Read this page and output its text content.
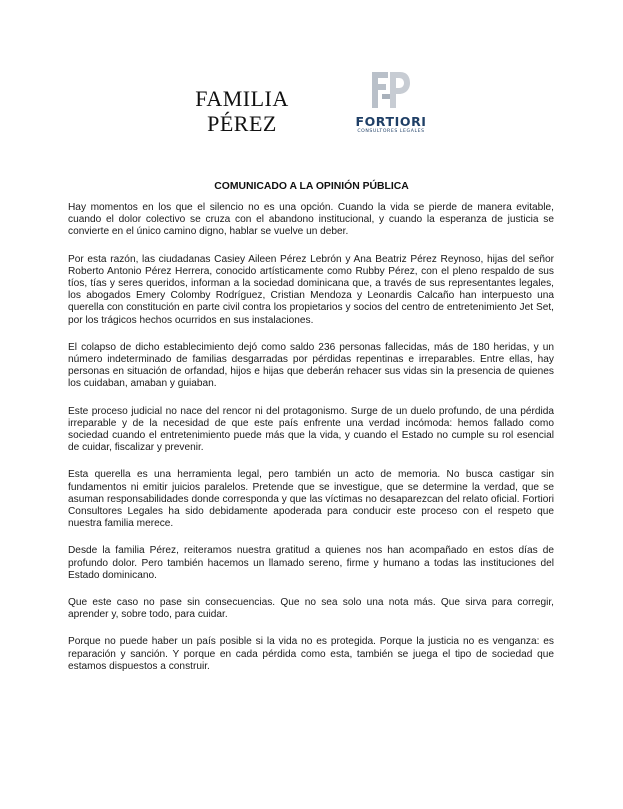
FAMILIA
PÉREZ	FORTIORI
CONSULTORES LEGALES
COMUNICADO A LA OPINIÓN PÚBLICA

Hay momentos en los que el silencio no es una opción. Cuando la vida se pierde de manera evitable, cuando el dolor colectivo se cruza con el abandono institucional, y cuando la esperanza de justicia se convierte en el único camino digno, hablar se vuelve un deber.

Por esta razón, las ciudadanas Casiey Aileen Pérez Lebrón y Ana Beatriz Pérez Reynoso, hijas del señor Roberto Antonio Pérez Herrera, conocido artísticamente como Rubby Pérez, con el pleno respaldo de sus tíos, tías y seres queridos, informan a la sociedad dominicana que, a través de sus representantes legales, los abogados Emery Colomby Rodríguez, Cristian Mendoza y Leonardis Calcaño han interpuesto una querella con constitución en parte civil contra los propietarios y socios del centro de entretenimiento Jet Set, por los trágicos hechos ocurridos en sus instalaciones.

El colapso de dicho establecimiento dejó como saldo 236 personas fallecidas, más de 180 heridas, y un número indeterminado de familias desgarradas por pérdidas repentinas e irreparables. Entre ellas, hay personas en situación de orfandad, hijos e hijas que deberán rehacer sus vidas sin la presencia de quienes los cuidaban, amaban y guiaban.

Este proceso judicial no nace del rencor ni del protagonismo. Surge de un duelo profundo, de una pérdida irreparable y de la necesidad de que este país enfrente una verdad incómoda: hemos fallado como sociedad cuando el entretenimiento puede más que la vida, y cuando el Estado no cumple su rol esencial de cuidar, fiscalizar y prevenir.

Esta querella es una herramienta legal, pero también un acto de memoria. No busca castigar sin fundamentos ni emitir juicios paralelos. Pretende que se investigue, que se determine la verdad, que se asuman responsabilidades donde corresponda y que las víctimas no desaparezcan del relato oficial. Fortiori Consultores Legales ha sido debidamente apoderada para conducir este proceso con el respeto que nuestra familia merece.

Desde la familia Pérez, reiteramos nuestra gratitud a quienes nos han acompañado en estos días de profundo dolor. Pero también hacemos un llamado sereno, firme y humano a todas las instituciones del Estado dominicano.

Que este caso no pase sin consecuencias. Que no sea solo una nota más. Que sirva para corregir, aprender y, sobre todo, para cuidar.

Porque no puede haber un país posible si la vida no es protegida. Porque la justicia no es venganza: es reparación y sanción. Y porque en cada pérdida como esta, también se juega el tipo de sociedad que estamos dispuestos a construir.
